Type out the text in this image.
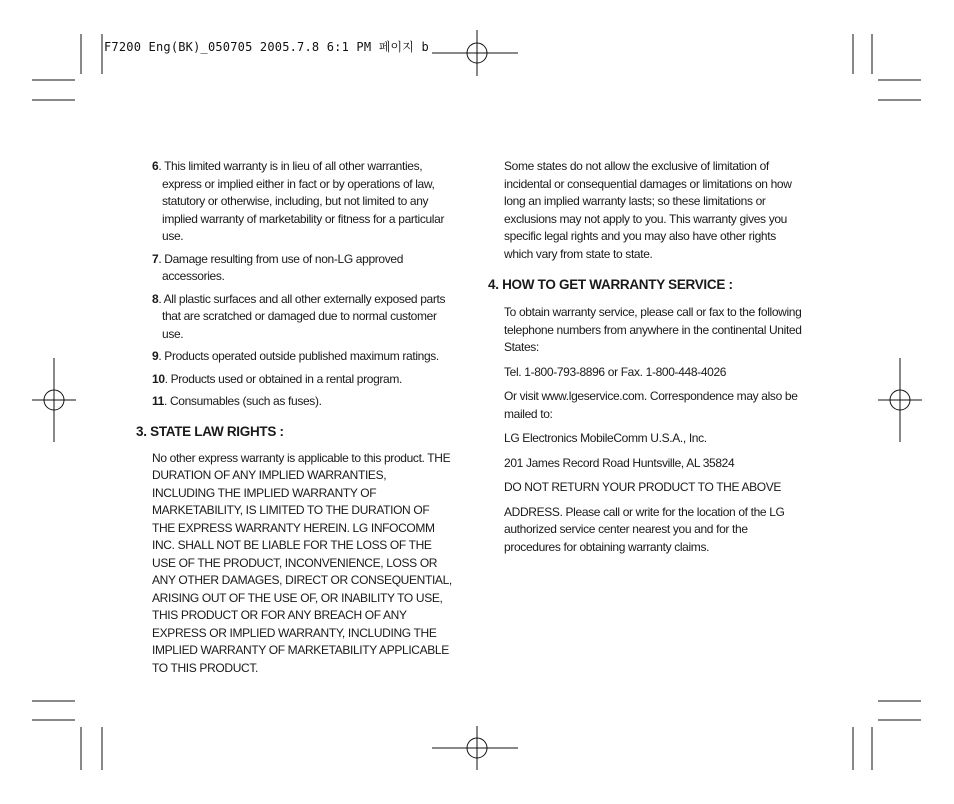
F7200 Eng(BK)_050705 2005.7.8 6:1 PM 페이지 b

6. This limited warranty is in lieu of all other warranties, express or implied either in fact or by operations of law, statutory or otherwise, including, but not limited to any implied warranty of marketability or fitness for a particular use.

7. Damage resulting from use of non-LG approved accessories.

8. All plastic surfaces and all other externally exposed parts that are scratched or damaged due to normal customer use.

9. Products operated outside published maximum ratings.

10. Products used or obtained in a rental program.

11. Consumables (such as fuses).

3. STATE LAW RIGHTS :

No other express warranty is applicable to this product. THE DURATION OF ANY IMPLIED WARRANTIES, INCLUDING THE IMPLIED WARRANTY OF MARKETABILITY, IS LIMITED TO THE DURATION OF THE EXPRESS WARRANTY HEREIN. LG INFOCOMM INC. SHALL NOT BE LIABLE FOR THE LOSS OF THE USE OF THE PRODUCT, INCONVENIENCE, LOSS OR ANY OTHER DAMAGES, DIRECT OR CONSEQUENTIAL, ARISING OUT OF THE USE OF, OR INABILITY TO USE, THIS PRODUCT OR FOR ANY BREACH OF ANY EXPRESS OR IMPLIED WARRANTY, INCLUDING THE IMPLIED WARRANTY OF MARKETABILITY APPLICABLE TO THIS PRODUCT.

Some states do not allow the exclusive of limitation of incidental or consequential damages or limitations on how long an implied warranty lasts; so these limitations or exclusions may not apply to you. This warranty gives you specific legal rights and you may also have other rights which vary from state to state.

4. HOW TO GET WARRANTY SERVICE :

To obtain warranty service, please call or fax to the following telephone numbers from anywhere in the continental United States:

Tel. 1-800-793-8896 or Fax. 1-800-448-4026

Or visit www.lgeservice.com. Correspondence may also be mailed to:

LG Electronics MobileComm U.S.A., Inc.

201 James Record Road Huntsville, AL 35824

DO NOT RETURN YOUR PRODUCT TO THE ABOVE

ADDRESS. Please call or write for the location of the LG authorized service center nearest you and for the procedures for obtaining warranty claims.
